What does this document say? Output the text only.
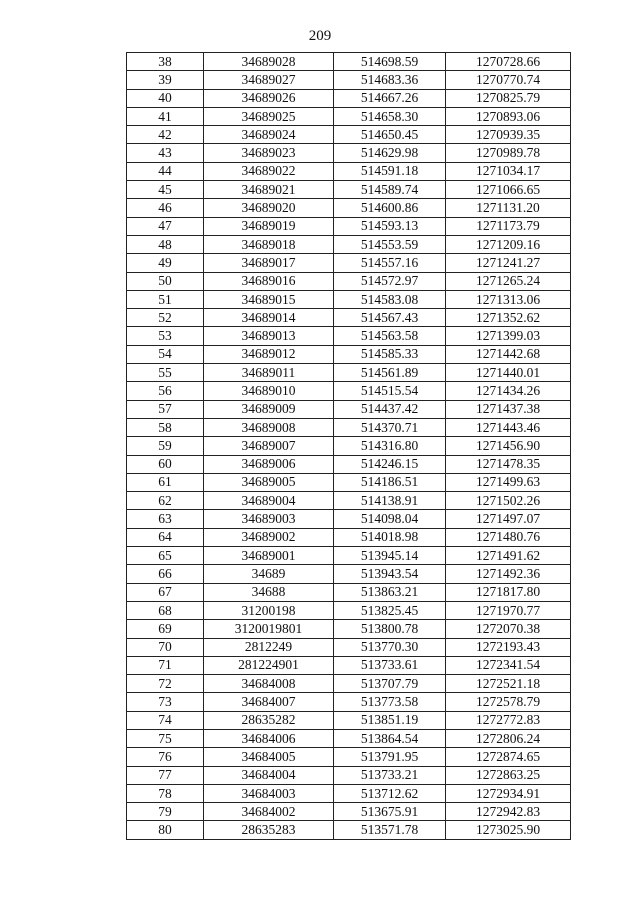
209
38	34689028	514698.59	1270728.66
39	34689027	514683.36	1270770.74
40	34689026	514667.26	1270825.79
41	34689025	514658.30	1270893.06
42	34689024	514650.45	1270939.35
43	34689023	514629.98	1270989.78
44	34689022	514591.18	1271034.17
45	34689021	514589.74	1271066.65
46	34689020	514600.86	1271131.20
47	34689019	514593.13	1271173.79
48	34689018	514553.59	1271209.16
49	34689017	514557.16	1271241.27
50	34689016	514572.97	1271265.24
51	34689015	514583.08	1271313.06
52	34689014	514567.43	1271352.62
53	34689013	514563.58	1271399.03
54	34689012	514585.33	1271442.68
55	34689011	514561.89	1271440.01
56	34689010	514515.54	1271434.26
57	34689009	514437.42	1271437.38
58	34689008	514370.71	1271443.46
59	34689007	514316.80	1271456.90
60	34689006	514246.15	1271478.35
61	34689005	514186.51	1271499.63
62	34689004	514138.91	1271502.26
63	34689003	514098.04	1271497.07
64	34689002	514018.98	1271480.76
65	34689001	513945.14	1271491.62
66	34689	513943.54	1271492.36
67	34688	513863.21	1271817.80
68	31200198	513825.45	1271970.77
69	3120019801	513800.78	1272070.38
70	2812249	513770.30	1272193.43
71	281224901	513733.61	1272341.54
72	34684008	513707.79	1272521.18
73	34684007	513773.58	1272578.79
74	28635282	513851.19	1272772.83
75	34684006	513864.54	1272806.24
76	34684005	513791.95	1272874.65
77	34684004	513733.21	1272863.25
78	34684003	513712.62	1272934.91
79	34684002	513675.91	1272942.83
80	28635283	513571.78	1273025.90
